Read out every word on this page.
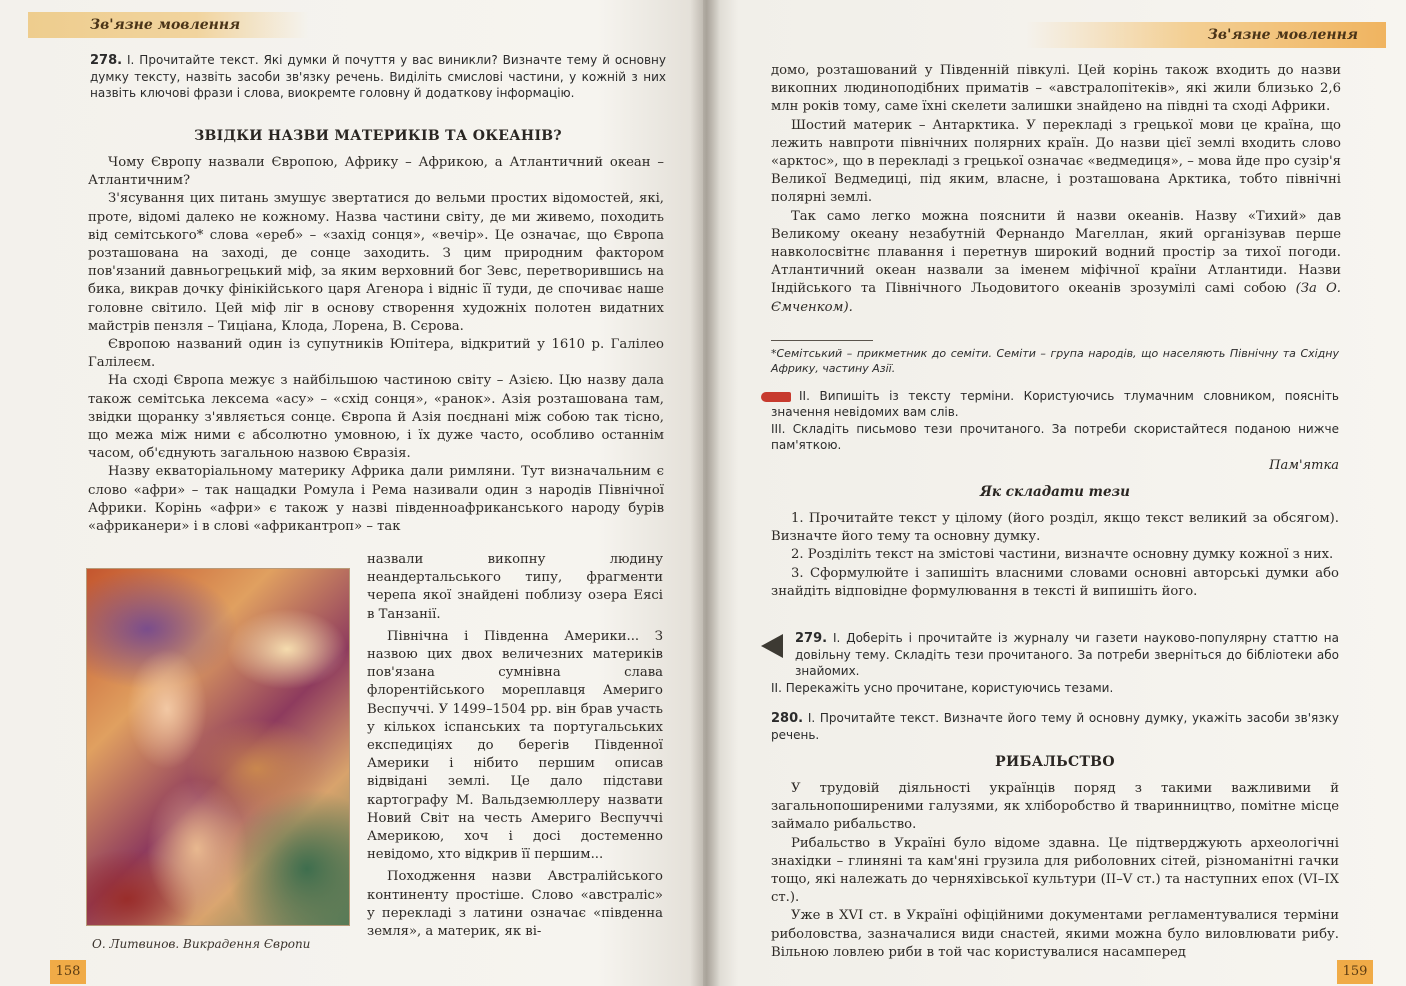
Зв'язне мовлення
278. І. Прочитайте текст. Які думки й почуття у вас виникли? Визначте тему й основну думку тексту, назвіть засоби зв'язку речень. Виділіть смислові частини, у кожній з них назвіть ключові фрази і слова, виокремте головну й додаткову інформацію.
ЗВІДКИ НАЗВИ МАТЕРИКІВ ТА ОКЕАНІВ?

Чому Європу назвали Європою, Африку – Африкою, а Атлантичний океан – Атлантичним?

З'ясування цих питань змушує звертатися до вельми простих відомостей, які, проте, відомі далеко не кожному. Назва частини світу, де ми живемо, походить від семітського* слова «ереб» – «захід сонця», «вечір». Це означає, що Європа розташована на заході, де сонце заходить. З цим природним фактором пов'язаний давньогрецький міф, за яким верховний бог Зевс, перетворившись на бика, викрав дочку фінікійського царя Агенора і відніс її туди, де спочиває наше головне світило. Цей міф ліг в основу створення художніх полотен видатних майстрів пензля – Тиціана, Клода, Лорена, В. Сєрова.

Європою названий один із супутників Юпітера, відкритий у 1610 р. Галілео Галілеєм.

На сході Європа межує з найбільшою частиною світу – Азією. Цю назву дала також семітська лексема «асу» – «схід сонця», «ранок». Азія розташована там, звідки щоранку з'являється сонце. Європа й Азія поєднані між собою так тісно, що межа між ними є абсолютно умовною, і їх дуже часто, особливо останнім часом, об'єднують загальною назвою Євразія.

Назву екваторіальному материку Африка дали римляни. Тут визначальним є слово «афри» – так нащадки Ромула і Рема називали один з народів Північної Африки. Корінь «афри» є також у назві південноафриканського народу бурів «африканери» і в слові «африкантроп» – так

назвали викопну людину неандертальського типу, фрагменти черепа якої знайдені поблизу озера Еясі в Танзанії.

Північна і Південна Америки... З назвою цих двох величезних материків пов'язана сумнівна слава флорентійського мореплавця Америго Веспуччі. У 1499–1504 рр. він брав участь у кількох іспанських та португальських експедиціях до берегів Південної Америки і нібито першим описав відвідані землі. Це дало підстави картографу М. Вальдземюллеру назвати Новий Світ на честь Америго Веспуччі Америкою, хоч і досі достеменно невідомо, хто відкрив її першим...

Походження назви Австралійського континенту простіше. Слово «австраліс» у перекладі з латини означає «південна земля», а материк, як ві-

О. Литвинов. Викрадення Європи
158
Зв'язне мовлення

домо, розташований у Південній півкулі. Цей корінь також входить до назви викопних людиноподібних приматів – «австралопітеків», які жили близько 2,6 млн років тому, саме їхні скелети залишки знайдено на півдні та сході Африки.

Шостий материк – Антарктика. У перекладі з грецької мови це країна, що лежить навпроти північних полярних країн. До назви цієї землі входить слово «арктос», що в перекладі з грецької означає «ведмедиця», – мова йде про сузір'я Великої Ведмедиці, під яким, власне, і розташована Арктика, тобто північні полярні землі.

Так само легко можна пояснити й назви океанів. Назву «Тихий» дав Великому океану незабутній Фернандо Магеллан, який організував перше навколосвітнє плавання і перетнув широкий водний простір за тихої погоди. Атлантичний океан назвали за іменем міфічної країни Атлантиди. Назви Індійського та Північного Льодовитого океанів зрозумілі самі собою (За О. Ємченком).

*Семітський – прикметник до семіти. Семіти – група народів, що населяють Північну та Східну Африку, частину Азії.
ІІ. Випишіть із тексту терміни. Користуючись тлумачним словником, поясніть значення невідомих вам слів.
ІІІ. Складіть письмово тези прочитаного. За потреби скористайтеся поданою нижче пам'яткою.
Пам'ятка
Як складати тези

1. Прочитайте текст у цілому (його розділ, якщо текст великий за обсягом). Визначте його тему та основну думку.

2. Розділіть текст на змістові частини, визначте основну думку кожної з них.

3. Сформулюйте і запишіть власними словами основні авторські думки або знайдіть відповідне формулювання в тексті й випишіть його.

279. І. Доберіть і прочитайте із журналу чи газети науково-популярну статтю на довільну тему. Складіть тези прочитаного. За потреби зверніться до бібліотеки або знайомих.
ІІ. Перекажіть усно прочитане, користуючись тезами.
280. І. Прочитайте текст. Визначте його тему й основну думку, укажіть засоби зв'язку речень.
РИБАЛЬСТВО

У трудовій діяльності українців поряд з такими важливими й загальнопоширеними галузями, як хліборобство й тваринництво, помітне місце займало рибальство.

Рибальство в Україні було відоме здавна. Це підтверджують археологічні знахідки – глиняні та кам'яні грузила для риболовних сітей, різноманітні гачки тощо, які належать до черняхівської культури (ІІ–V ст.) та наступних епох (VІ–ІХ ст.).

Уже в XVI ст. в Україні офіційними документами регламентувалися терміни риболовства, зазначалися види снастей, якими можна було виловлювати рибу. Вільною ловлею риби в той час користувалися насамперед

159
